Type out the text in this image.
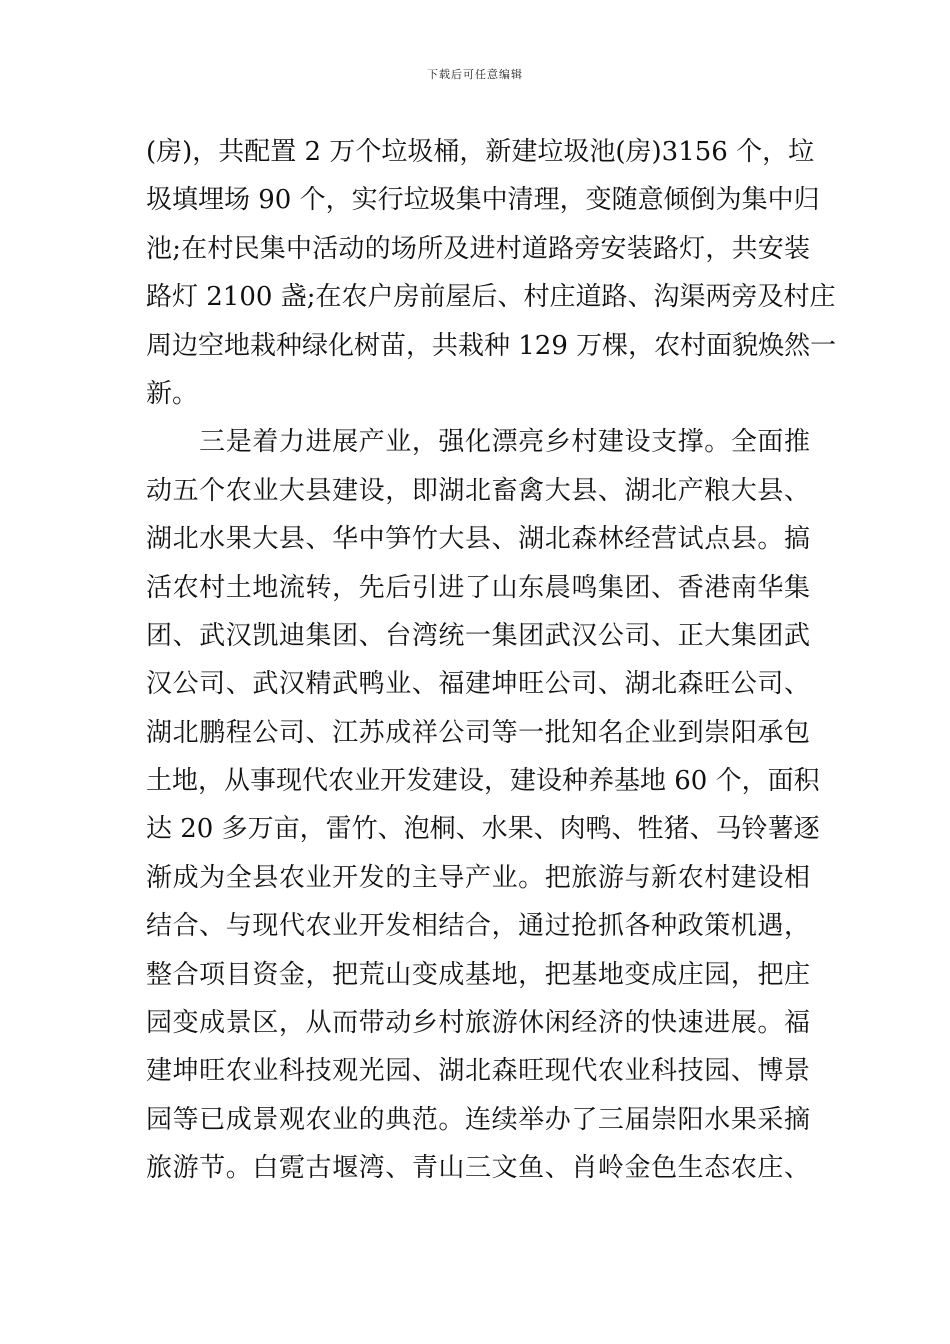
下载后可任意编辑
(房)，共配置 2 万个垃圾桶，新建垃圾池(房)3156 个，垃
圾填埋场 90 个，实行垃圾集中清理，变随意倾倒为集中归
池;在村民集中活动的场所及进村道路旁安装路灯，共安装
路灯 2100 盏;在农户房前屋后、村庄道路、沟渠两旁及村庄
周边空地栽种绿化树苗，共栽种 129 万棵，农村面貌焕然一
新。
　　三是着力进展产业，强化漂亮乡村建设支撑。全面推
动五个农业大县建设，即湖北畜禽大县、湖北产粮大县、
湖北水果大县、华中笋竹大县、湖北森林经营试点县。搞
活农村土地流转，先后引进了山东晨鸣集团、香港南华集
团、武汉凯迪集团、台湾统一集团武汉公司、正大集团武
汉公司、武汉精武鸭业、福建坤旺公司、湖北森旺公司、
湖北鹏程公司、江苏成祥公司等一批知名企业到崇阳承包
土地，从事现代农业开发建设，建设种养基地 60 个，面积
达 20 多万亩，雷竹、泡桐、水果、肉鸭、牲猪、马铃薯逐
渐成为全县农业开发的主导产业。把旅游与新农村建设相
结合、与现代农业开发相结合，通过抢抓各种政策机遇，
整合项目资金，把荒山变成基地，把基地变成庄园，把庄
园变成景区，从而带动乡村旅游休闲经济的快速进展。福
建坤旺农业科技观光园、湖北森旺现代农业科技园、博景
园等已成景观农业的典范。连续举办了三届崇阳水果采摘
旅游节。白霓古堰湾、青山三文鱼、肖岭金色生态农庄、
